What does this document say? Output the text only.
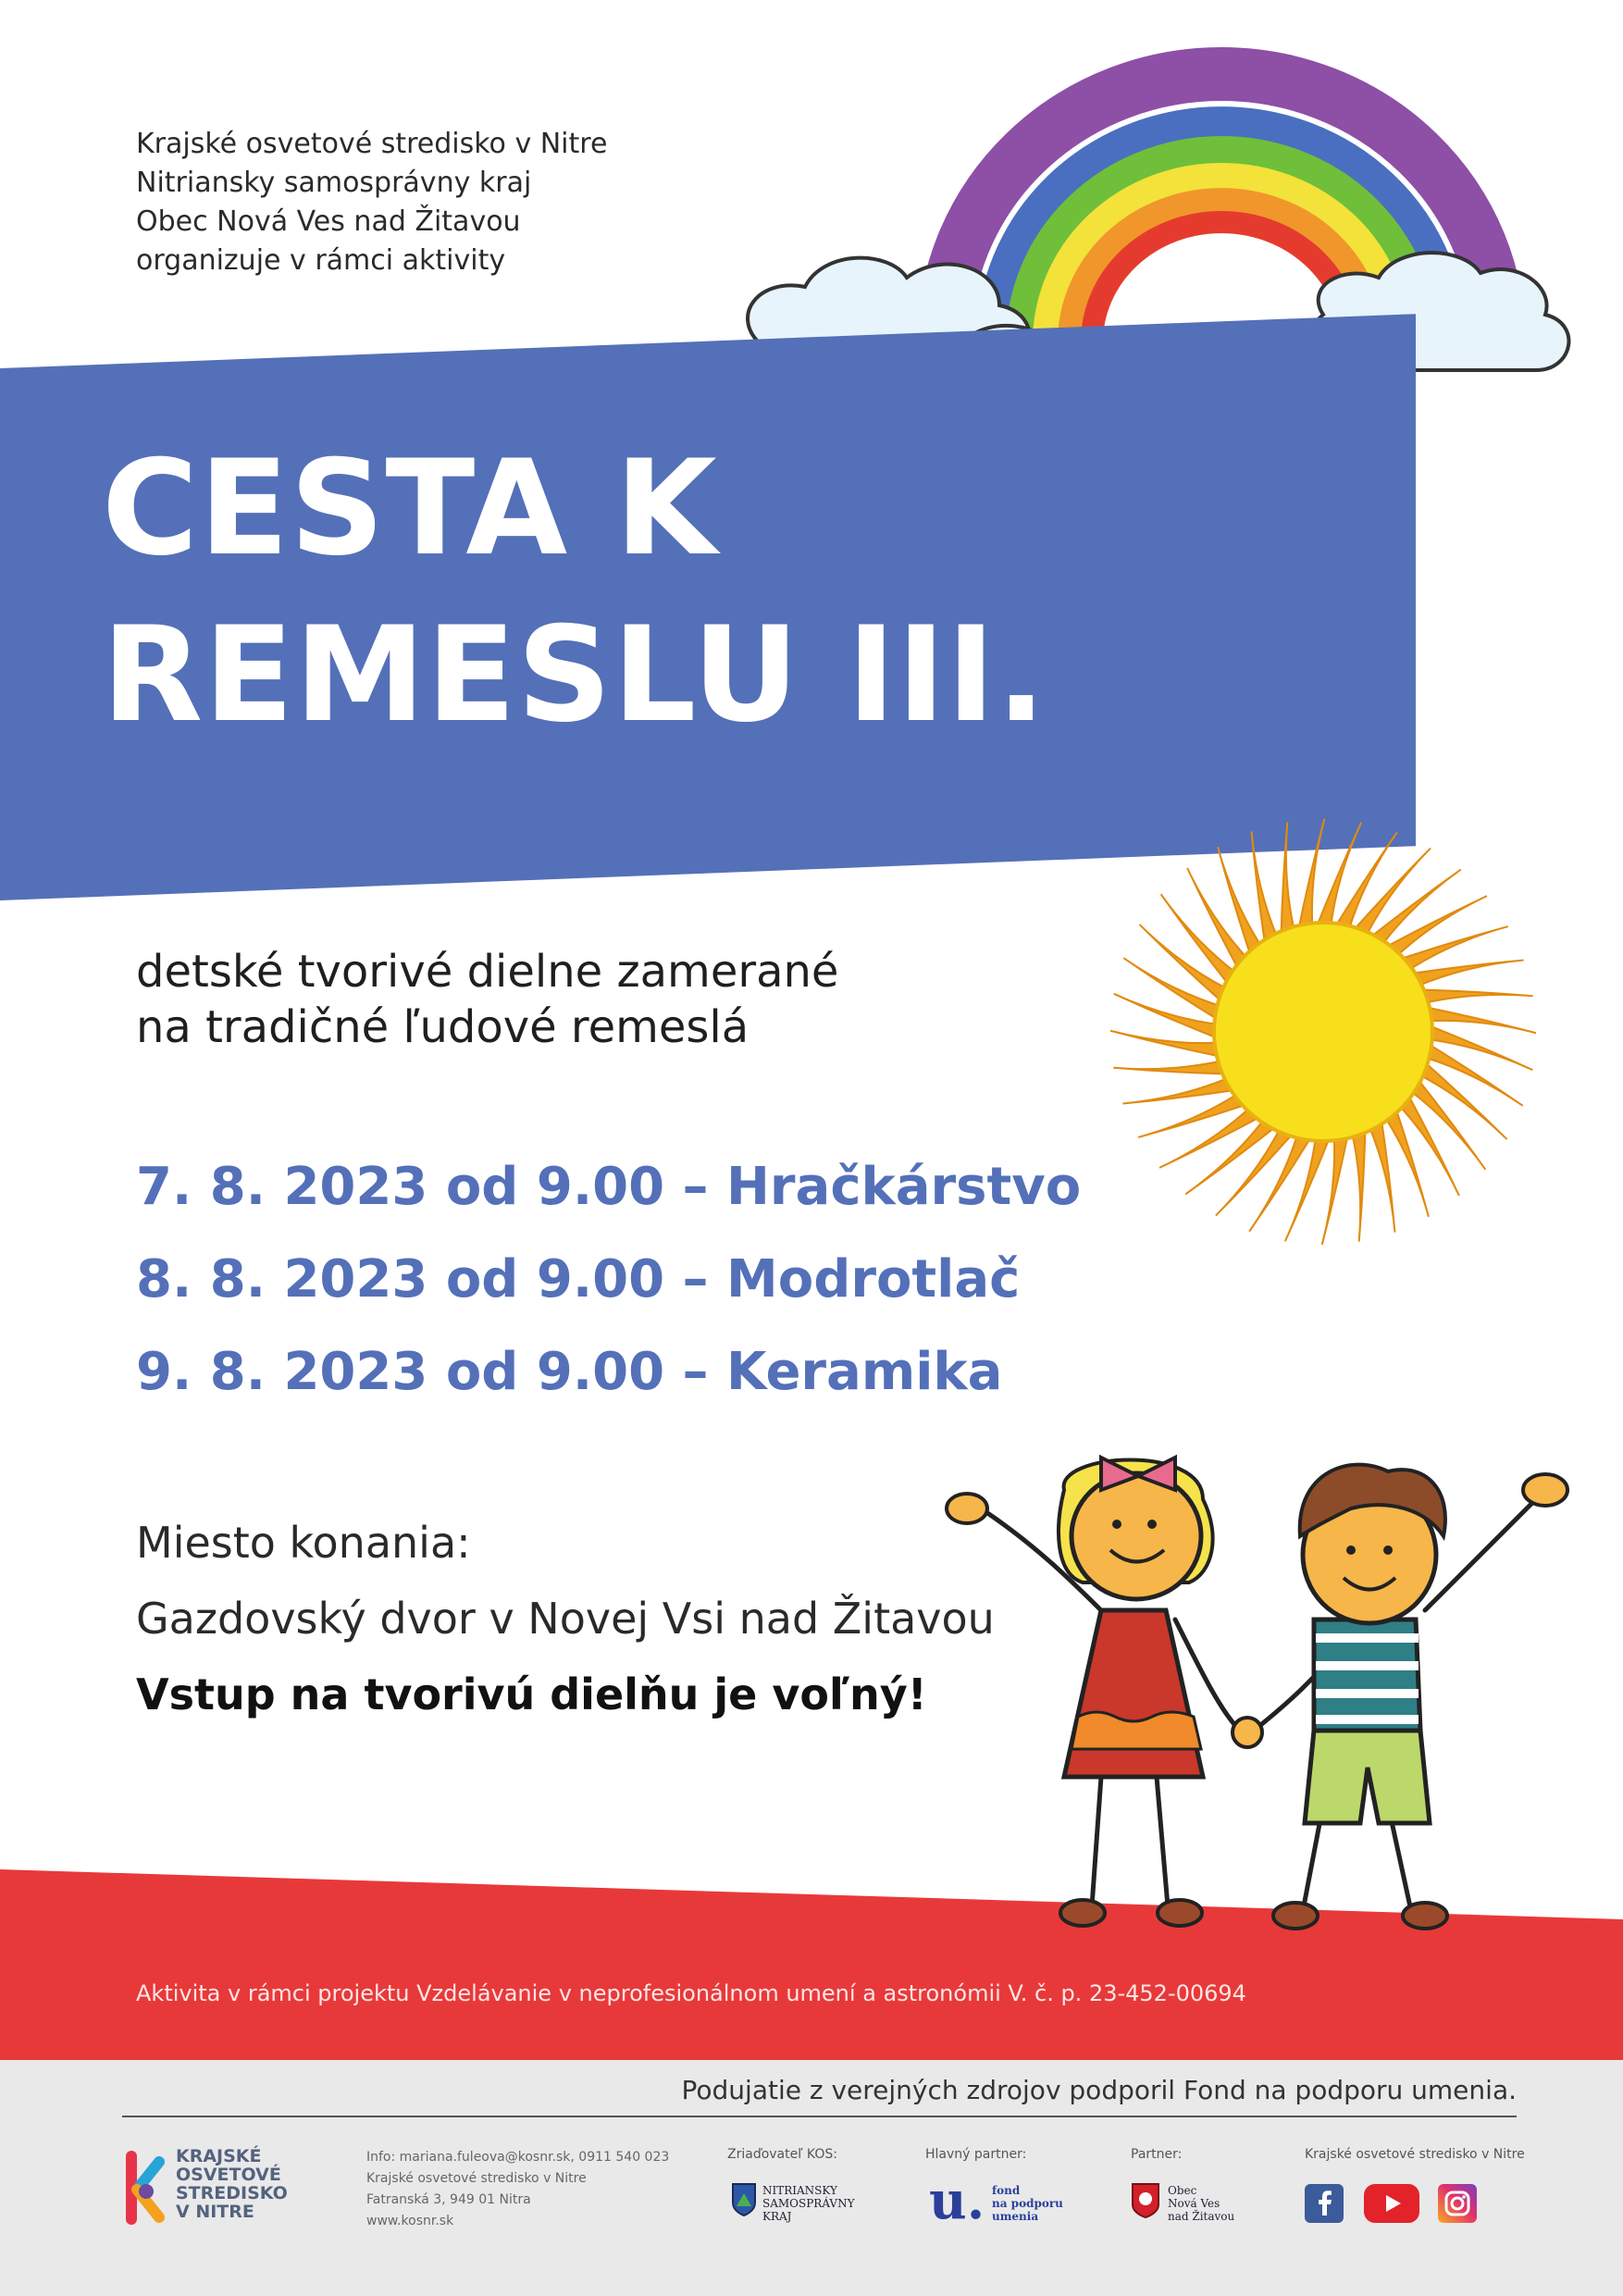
Krajské osvetové stredisko v Nitre
Nitriansky samosprávny kraj
Obec Nová Ves nad Žitavou
organizuje v rámci aktivity
CESTA K
REMESLU III.
detské tvorivé dielne zamerané
na tradičné ľudové remeslá
7. 8. 2023 od 9.00 – Hračkárstvo
8. 8. 2023 od 9.00 – Modrotlač
9. 8. 2023 od 9.00 – Keramika
Miesto konania:
Gazdovský dvor v Novej Vsi nad Žitavou
Vstup na tvorivú dielňu je voľný!
Aktivita v rámci projektu Vzdelávanie v neprofesionálnom umení a astronómii V. č. p. 23-452-00694
Podujatie z verejných zdrojov podporil Fond na podporu umenia.
KRAJSKÉ
OSVETOVÉ
STREDISKO
V NITRE
Info: mariana.fuleova@kosnr.sk, 0911 540 023
Krajské osvetové stredisko v Nitre
Fatranská 3, 949 01 Nitra
www.kosnr.sk
Zriaďovateľ KOS:
NITRIANSKY
SAMOSPRÁVNY
KRAJ
Hlavný partner:
u. fond
na podporu
umenia
Partner:
Obec
Nová Ves
nad Žitavou
Krajské osvetové stredisko v Nitre
